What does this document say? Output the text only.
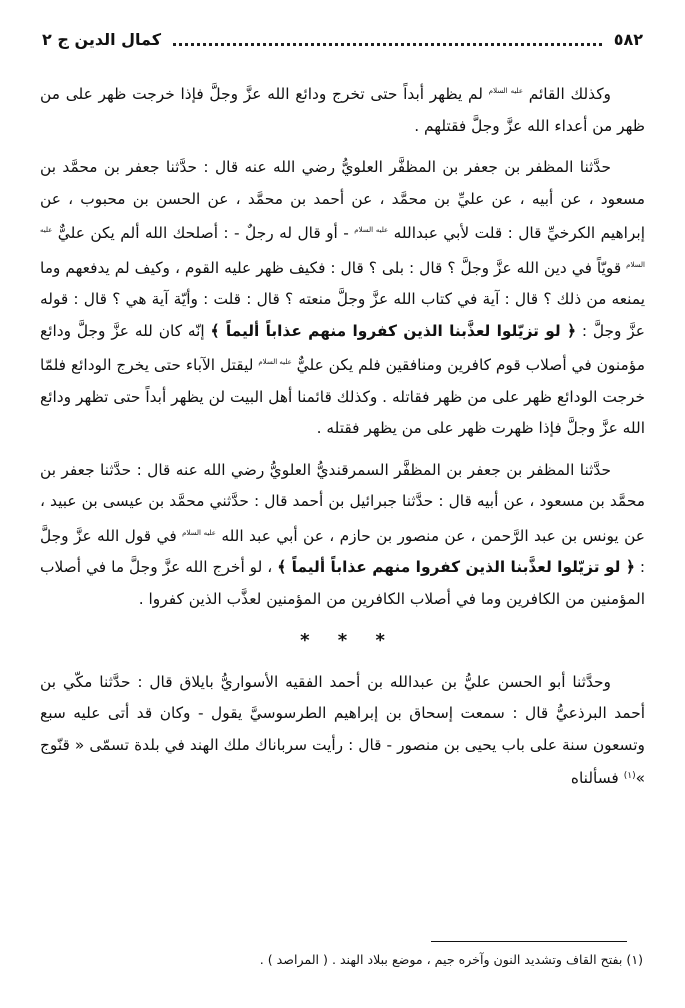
٥٨٢
كمال الدين ج ٢

وكذلك القائم $^{عليه السلام}$ لم يظهر أبداً حتى تخرج ودائع الله عزَّ وجلَّ فإذا خرجت ظهر على من ظهر من أعداء الله عزَّ وجلَّ فقتلهم .

حدَّثنا المظفر بن جعفر بن المظفَّر العلويُّ رضي الله عنه قال : حدَّثنا جعفر بن محمَّد بن مسعود ، عن أبيه ، عن عليِّ بن محمَّد ، عن أحمد بن محمَّد ، عن الحسن بن محبوب ، عن إبراهيم الكرخيِّ قال : قلت لأبي عبدالله $^{عليه السلام}$ - أو قال له رجلٌ - : أصلحك الله ألم يكن عليٌّ $^{عليه السلام}$ قويّاً في دين الله عزَّ وجلَّ ؟ قال : بلى ؟ قال : فكيف ظهر عليه القوم ، وكيف لم يدفعهم وما يمنعه من ذلك ؟ قال : آية في كتاب الله عزَّ وجلَّ منعته ؟ قال : قلت : وأيّة آية هي ؟ قال : قوله عزَّ وجلَّ : ﴿ لو تزيّلوا لعذَّبنا الذين كفروا منهم عذاباً أليماً ﴾ إنّه كان لله عزَّ وجلَّ ودائع مؤمنون في أصلاب قوم كافرين ومنافقين فلم يكن عليٌّ $^{عليه السلام}$ ليقتل الآباء حتى يخرج الودائع فلمّا خرجت الودائع ظهر على من ظهر فقاتله . وكذلك قائمنا أهل البيت لن يظهر أبداً حتى تظهر ودائع الله عزَّ وجلَّ فإذا ظهرت ظهر على من يظهر فقتله .

حدَّثنا المظفر بن جعفر بن المظفَّر السمرقنديُّ العلويُّ رضي الله عنه قال : حدَّثنا جعفر بن محمَّد بن مسعود ، عن أبيه قال : حدَّثنا جبرائيل بن أحمد قال : حدَّثني محمَّد بن عيسى بن عبيد ، عن يونس بن عبد الرَّحمن ، عن منصور بن حازم ، عن أبي عبد الله $^{عليه السلام}$ في قول الله عزَّ وجلَّ : ﴿ لو تزيّلوا لعذَّبنا الذين كفروا منهم عذاباً أليماً ﴾ ، لو أخرج الله عزَّ وجلَّ ما في أصلاب المؤمنين من الكافرين وما في أصلاب الكافرين من المؤمنين لعذَّب الذين كفروا .

* * *

وحدَّثنا أبو الحسن عليُّ بن عبدالله بن أحمد الفقيه الأسواريُّ بايلاق قال : حدَّثنا مكّي بن أحمد البرذعيُّ قال : سمعت إسحاق بن إبراهيم الطرسوسيَّ يقول - وكان قد أتى عليه سبع وتسعون سنة على باب يحيى بن منصور - قال : رأيت سرباناك ملك الهند في بلدة تسمّى « قنّوج »$^{(١)}$ فسألناه

(١) بفتح القاف وتشديد النون وآخره جيم ، موضع ببلاد الهند . ( المراصد ) .
